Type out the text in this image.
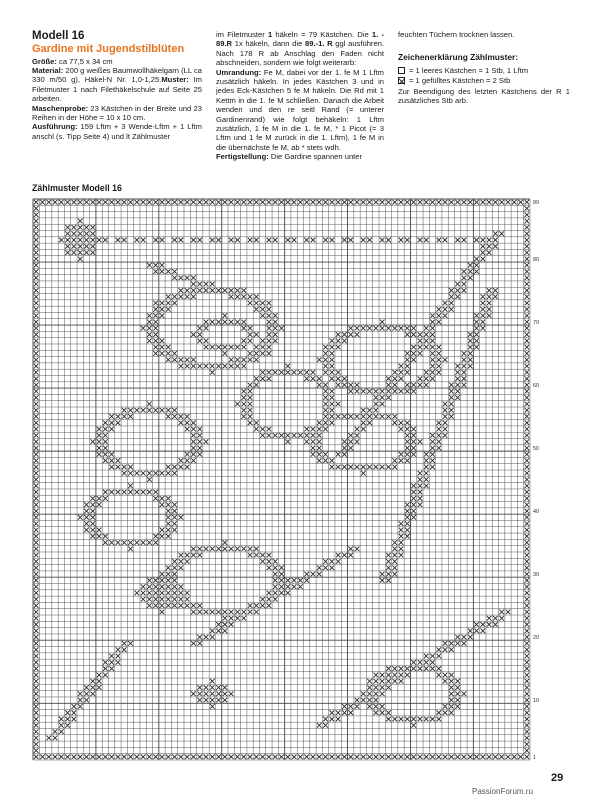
Modell 16
Gardine mit Jugendstilblüten

Größe: ca 77,5 x 34 cm

Material: 200 g weißes Baumwollhäkelgarn (LL ca 330 m/50 g), Häkel-N Nr. 1,0-1,25.Muster: Im Filetmuster 1 nach Filethäkelschule auf Seite 25 arbeiten.

Maschenprobe: 23 Kästchen in der Breite und 23 Reihen in der Höhe = 10 x 10 cm.

Ausführung: 159 Lftm + 3 Wende-Lftm + 1 Lftm anschl (s. Tipp Seite 4) und lt Zählmuster

im Filetmuster 1 häkeln = 79 Kästchen. Die 1. - 89.R 1x häkeln, dann die 89.-1. R ggl ausführen. Nach 178 R ab Anschlag den Faden nicht abschneiden, sondern wie folgt weiterarb:

Umrandung: Fe M, dabei vor der 1. fe M 1 Lftm zusätzlich häkeln. In jedes Kästchen 3 und in jedes Eck-Kästchen 5 fe M häkeln. Die Rd mit 1 Kettm in die 1. fe M schließen. Danach die Arbeit wenden und den re seitl Rand (= unterer Gardinenrand) wie folgt behäkeln: 1 Lftm zusätzlich, 1 fe M in die 1. fe M, * 1 Picot (= 3 Lftm und 1 fe M zurück in die 1. Lftm), 1 fe M in die übernächste fe M, ab * stets wdh.

Fertigstellung: Die Gardine spannen unter

feuchten Tüchern trocknen lassen.

Zeichenerklärung Zählmuster:
= 1 leeres Kästchen = 1 Stb, 1 Lftm
= 1 gefülltes Kästchen = 2 Stb

Zur Beendigung des letzten Kästchens der R 1 zusätzliches Stb arb.

Zählmuster Modell 16
89
80
70
60
50
40
30
20
10
1
29
PassionForum.ru
